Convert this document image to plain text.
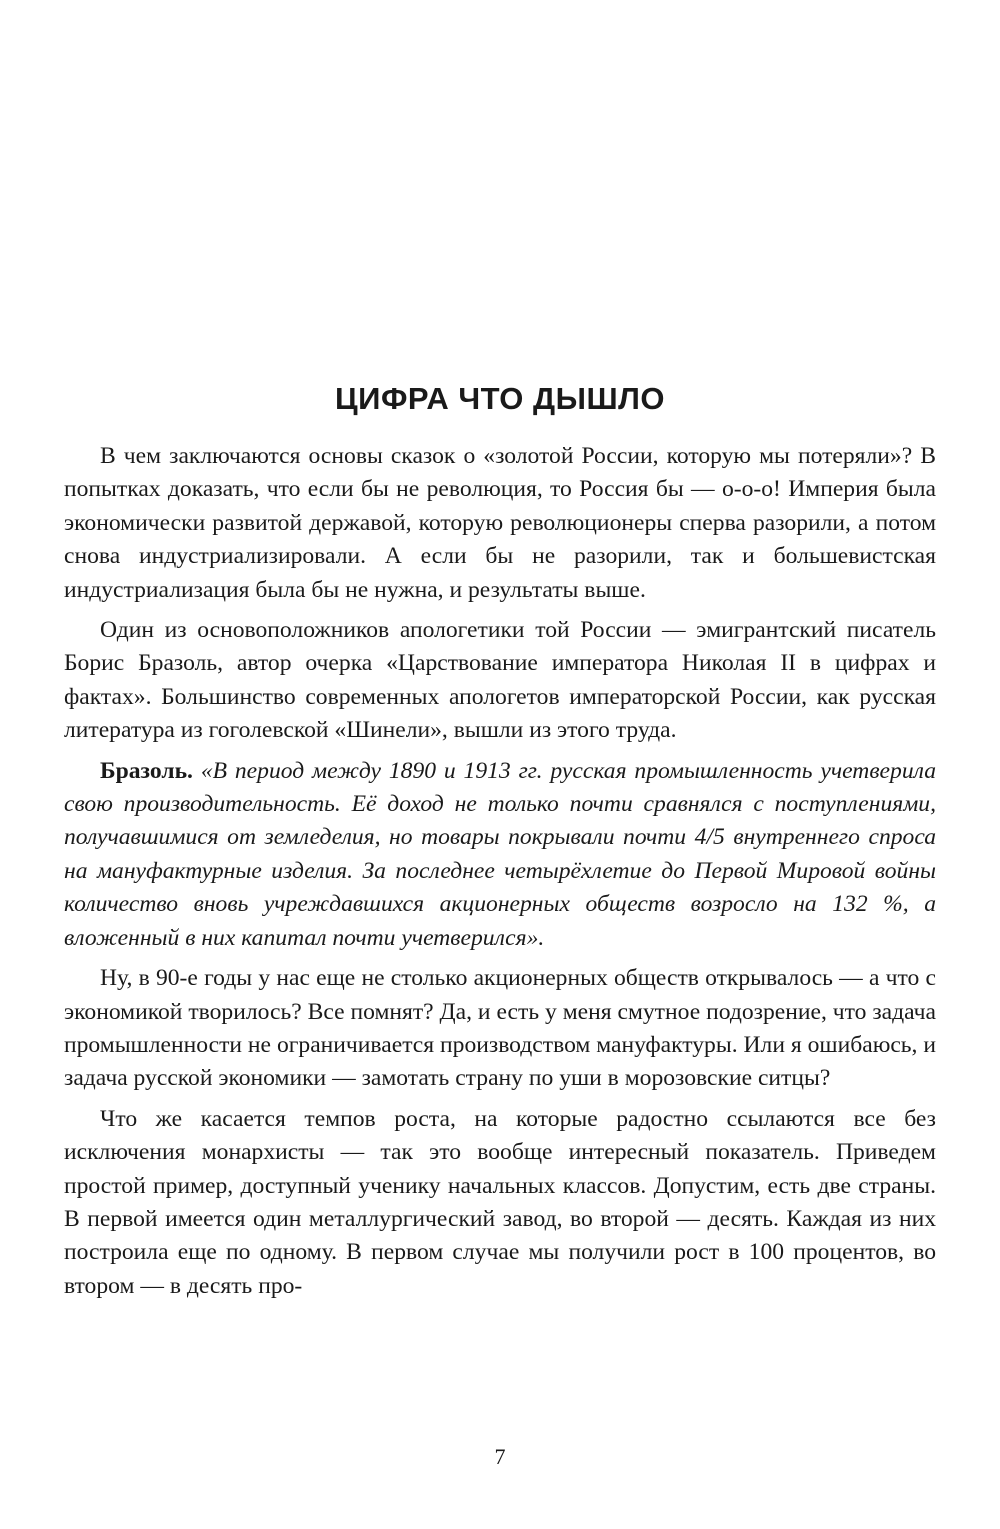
ЦИФРА ЧТО ДЫШЛО

В чем заключаются основы сказок о «золотой России, которую мы потеряли»? В попытках доказать, что если бы не революция, то Россия бы — о-о-о! Империя была экономически развитой державой, которую революционеры сперва разорили, а потом снова индустриализировали. А если бы не разорили, так и большевистская индустриализация была бы не нужна, и результаты выше.

Один из основоположников апологетики той России — эмигрантский писатель Борис Бразоль, автор очерка «Царствование императора Николая II в цифрах и фактах». Большинство современных апологетов императорской России, как русская литература из гоголевской «Шинели», вышли из этого труда.

Бразоль. «В период между 1890 и 1913 гг. русская промышленность учетверила свою производительность. Её доход не только почти сравнялся с поступлениями, получавшимися от земледелия, но товары покрывали почти 4/5 внутреннего спроса на мануфактурные изделия. За последнее четырёхлетие до Первой Мировой войны количество вновь учреждавшихся акционерных обществ возросло на 132 %, а вложенный в них капитал почти учетверился».

Ну, в 90-е годы у нас еще не столько акционерных обществ открывалось — а что с экономикой творилось? Все помнят? Да, и есть у меня смутное подозрение, что задача промышленности не ограничивается производством мануфактуры. Или я ошибаюсь, и задача русской экономики — замотать страну по уши в морозовские ситцы?

Что же касается темпов роста, на которые радостно ссылаются все без исключения монархисты — так это вообще интересный показатель. Приведем простой пример, доступный ученику начальных классов. Допустим, есть две страны. В первой имеется один металлургический завод, во второй — десять. Каждая из них построила еще по одному. В первом случае мы получили рост в 100 процентов, во втором — в десять про-

7
